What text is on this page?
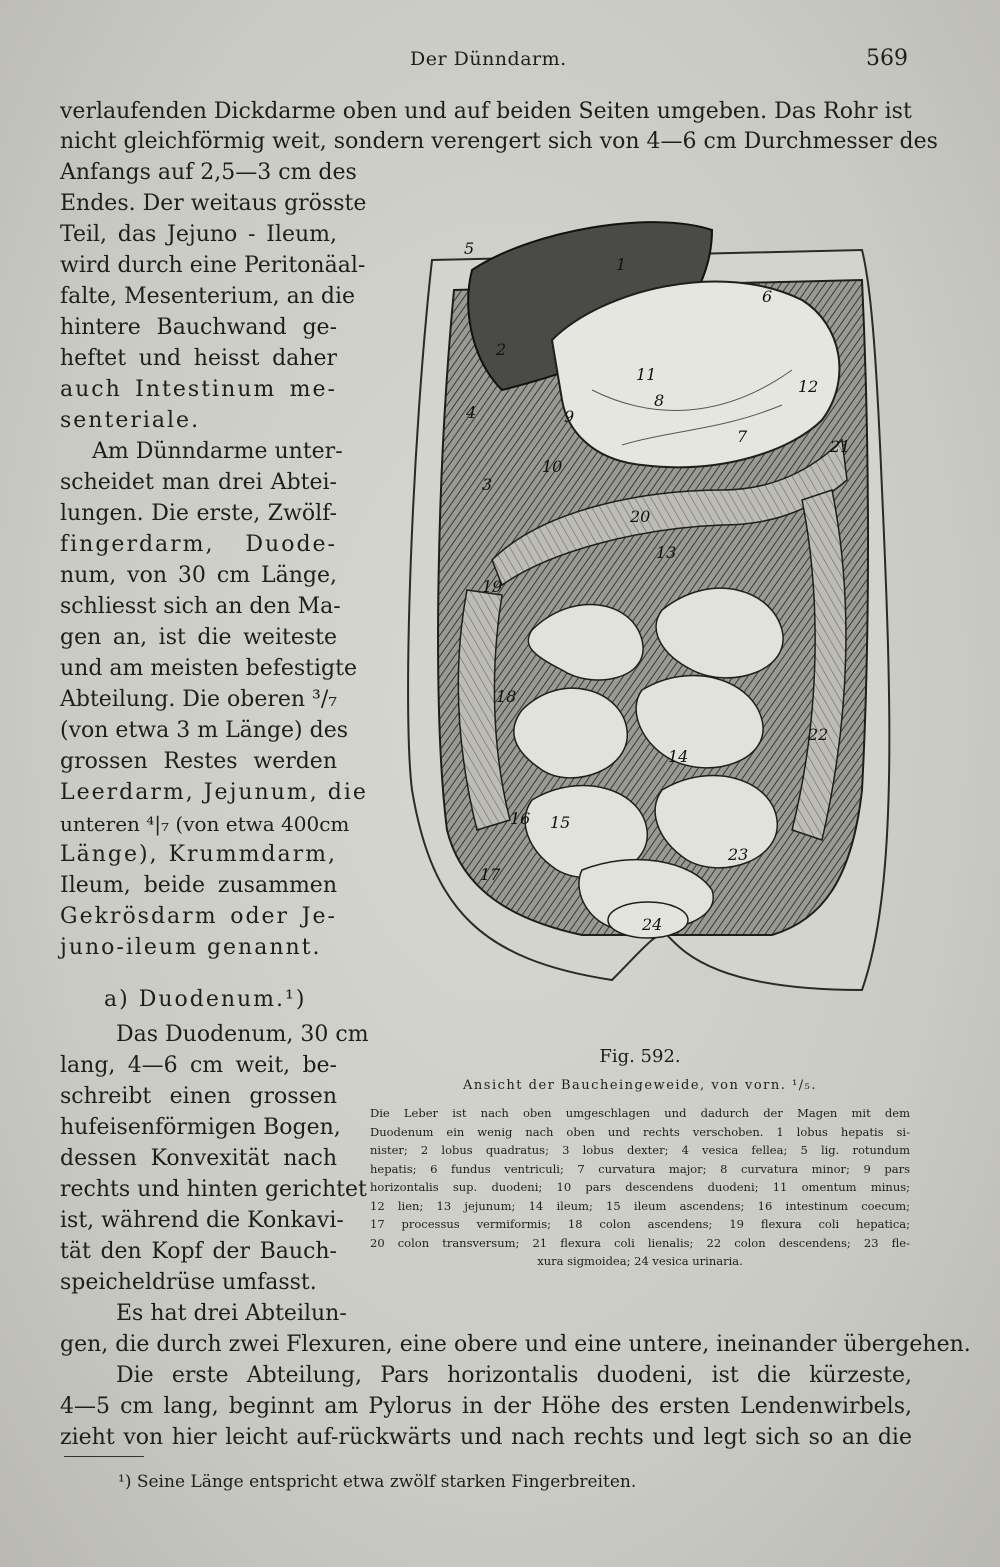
Der Dünndarm.	569
verlaufenden Dickdarme oben und auf beiden Seiten umgeben. Das Rohr ist
nicht gleichförmig weit, sondern verengert sich von 4—6 cm Durchmesser des
Anfangs auf 2,5—3 cm des
Endes. Der weitaus grösste
Teil, das Jejuno - Ileum,
wird durch eine Peritonäal-
falte, Mesenterium, an die
hintere Bauchwand ge-
heftet und heisst daher
auch Intestinum me-
senteriale.
Am Dünndarme unter-
scheidet man drei Abtei-
lungen. Die erste, Zwölf-
fingerdarm, Duode-
num, von 30 cm Länge,
schliesst sich an den Ma-
gen an, ist die weiteste
und am meisten befestigte
Abteilung. Die oberen ³/₇
(von etwa 3 m Länge) des
grossen Restes werden
Leerdarm, Jejunum, die
unteren ⁴|₇ (von etwa 400cm
Länge), Krummdarm,
Ileum, beide zusammen
Gekrösdarm oder Je-
juno-ileum genannt.
a) Duodenum.¹)
Das Duodenum, 30 cm
lang, 4—6 cm weit, be-
schreibt einen grossen
hufeisenförmigen Bogen,
dessen Konvexität nach
rechts und hinten gerichtet
ist, während die Konkavi-
tät den Kopf der Bauch-
speicheldrüse umfasst.
Es hat drei Abteilun-
gen, die durch zwei Flexuren, eine obere und eine untere, ineinander übergehen.
Die erste Abteilung, Pars horizontalis duodeni, ist die kürzeste,
4—5 cm lang, beginnt am Pylorus in der Höhe des ersten Lendenwirbels,
zieht von hier leicht auf-rückwärts und nach rechts und legt sich so an die
1
2
3
4
5
6
7
8
9
10
11
12
13
14
15
16
17
18
19
20
21
22
23
24
Fig. 592.
Ansicht der Baucheingeweide, von vorn. ¹/₅.
Die Leber ist nach oben umgeschlagen und dadurch der Magen mit dem
Duodenum ein wenig nach oben und rechts verschoben. 1 lobus hepatis si-
nister; 2 lobus quadratus; 3 lobus dexter; 4 vesica fellea; 5 lig. rotundum
hepatis; 6 fundus ventriculi; 7 curvatura major; 8 curvatura minor; 9 pars
horizontalis sup. duodeni; 10 pars descendens duodeni; 11 omentum minus;
12 lien; 13 jejunum; 14 ileum; 15 ileum ascendens; 16 intestinum coecum;
17 processus vermiformis; 18 colon ascendens; 19 flexura coli hepatica;
20 colon transversum; 21 flexura coli lienalis; 22 colon descendens; 23 fle-
xura sigmoidea; 24 vesica urinaria.
¹) Seine Länge entspricht etwa zwölf starken Fingerbreiten.
